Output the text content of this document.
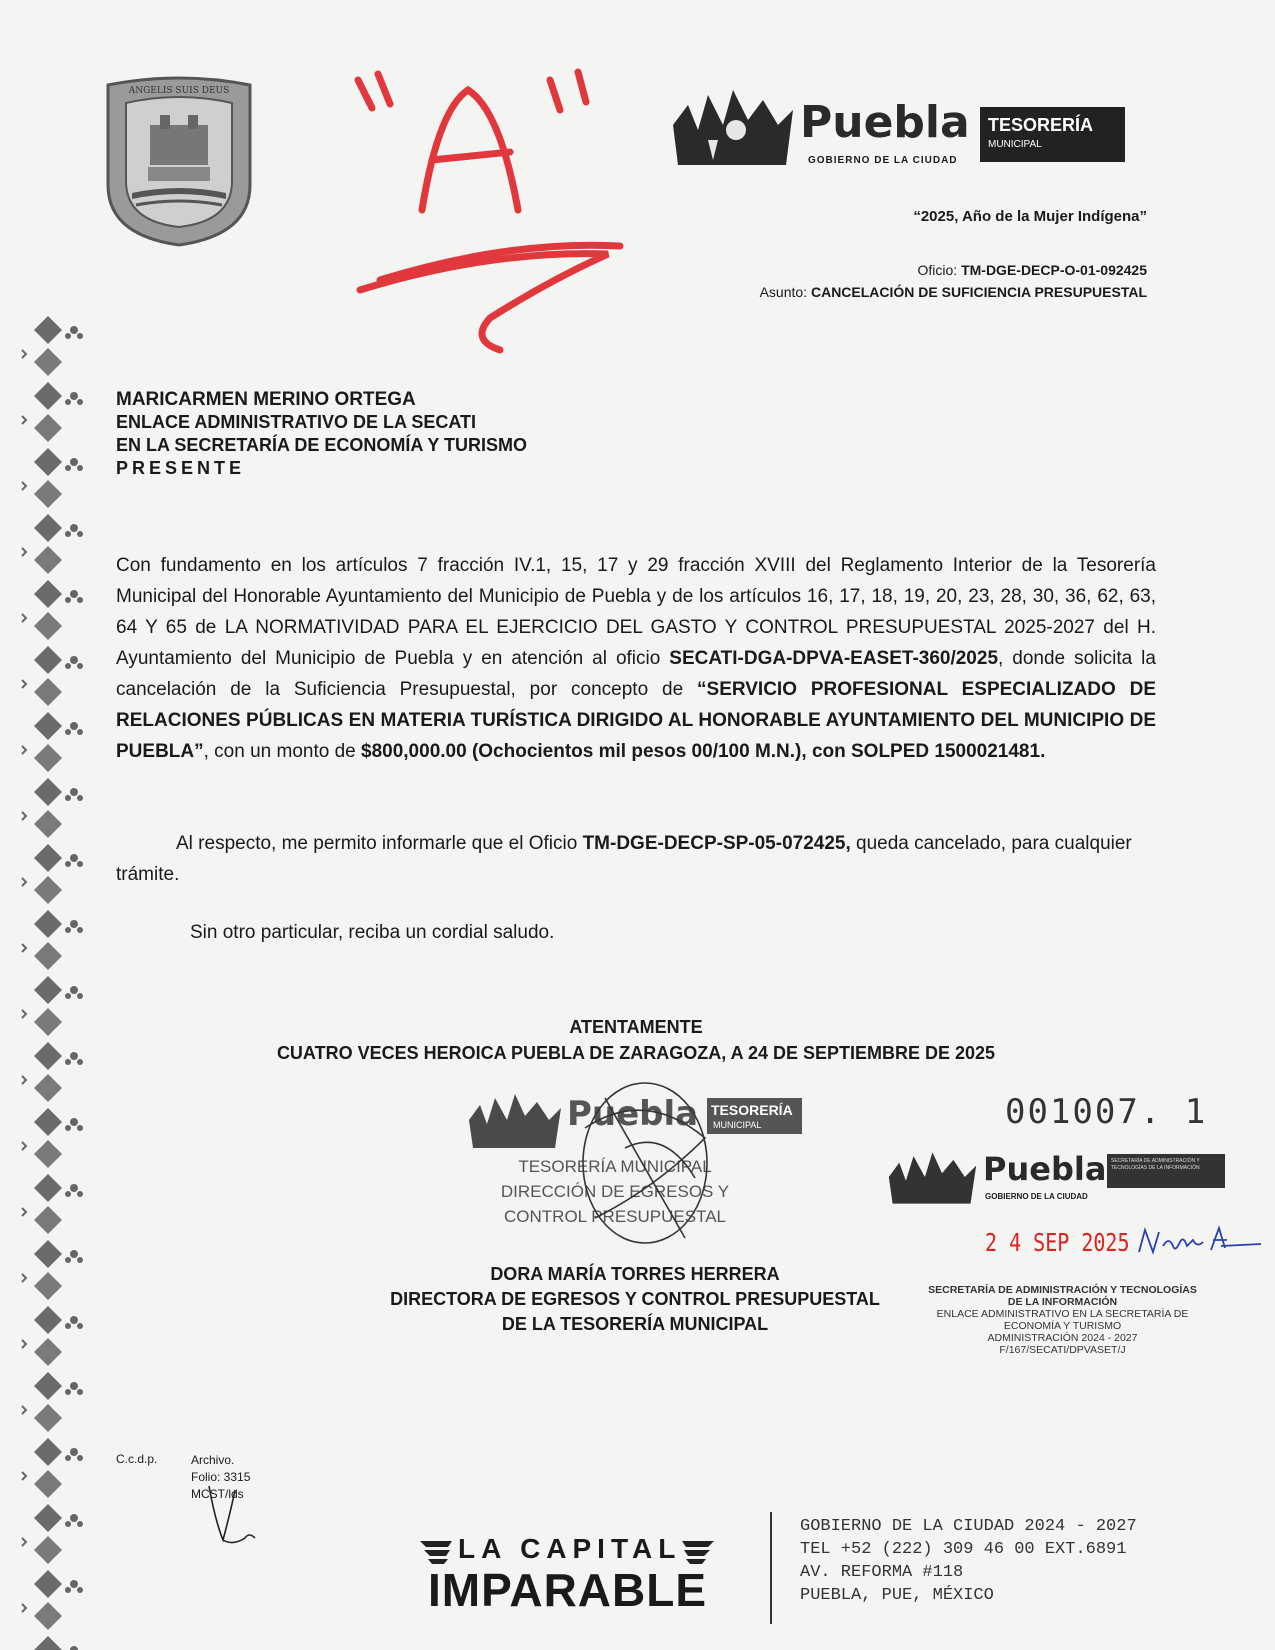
ANGELIS SUIS DEUS
Puebla TESORERÍA
MUNICIPAL
GOBIERNO DE LA CIUDAD
“2025, Año de la Mujer Indígena”
Oficio: TM-DGE-DECP-O-01-092425
Asunto: CANCELACIÓN DE SUFICIENCIA PRESUPUESTAL
MARICARMEN MERINO ORTEGA
ENLACE ADMINISTRATIVO DE LA SECATI
EN LA SECRETARÍA DE ECONOMÍA Y TURISMO
PRESENTE
Con fundamento en los artículos 7 fracción IV.1, 15, 17 y 29 fracción XVIII del Reglamento Interior de la Tesorería Municipal del Honorable Ayuntamiento del Municipio de Puebla y de los artículos 16, 17, 18, 19, 20, 23, 28, 30, 36, 62, 63, 64 Y 65 de LA NORMATIVIDAD PARA EL EJERCICIO DEL GASTO Y CONTROL PRESUPUESTAL 2025-2027 del H. Ayuntamiento del Municipio de Puebla y en atención al oficio SECATI-DGA-DPVA-EASET-360/2025, donde solicita la cancelación de la Suficiencia Presupuestal, por concepto de “SERVICIO PROFESIONAL ESPECIALIZADO DE RELACIONES PÚBLICAS EN MATERIA TURÍSTICA DIRIGIDO AL HONORABLE AYUNTAMIENTO DEL MUNICIPIO DE PUEBLA”, con un monto de $800,000.00 (Ochocientos mil pesos 00/100 M.N.), con SOLPED 1500021481.
Al respecto, me permito informarle que el Oficio TM-DGE-DECP-SP-05-072425, queda cancelado, para cualquier trámite.
Sin otro particular, reciba un cordial saludo.
ATENTAMENTE
CUATRO VECES HEROICA PUEBLA DE ZARAGOZA, A 24 DE SEPTIEMBRE DE 2025
Puebla TESORERÍA
MUNICIPAL
TESORERÍA MUNICIPAL
DIRECCIÓN DE EGRESOS Y
CONTROL PRESUPUESTAL
DORA MARÍA TORRES HERRERA
DIRECTORA DE EGRESOS Y CONTROL PRESUPUESTAL
DE LA TESORERÍA MUNICIPAL
001007. 1
Puebla
GOBIERNO DE LA CIUDAD
SECRETARÍA DE ADMINISTRACIÓN Y TECNOLOGÍAS DE LA INFORMACIÓN
2 4 SEP 2025
SECRETARÍA DE ADMINISTRACIÓN Y TECNOLOGÍAS
DE LA INFORMACIÓN
ENLACE ADMINISTRATIVO EN LA SECRETARÍA DE
ECONOMÍA Y TURISMO
ADMINISTRACIÓN 2024 - 2027
F/167/SECATI/DPVASET/J
C.c.d.p.	Archivo.
Folio: 3315
MCST/lds
LA CAPITAL
IMPARABLE
GOBIERNO DE LA CIUDAD 2024 - 2027
TEL +52 (222) 309 46 00 EXT.6891
AV. REFORMA #118
PUEBLA, PUE, MÉXICO
